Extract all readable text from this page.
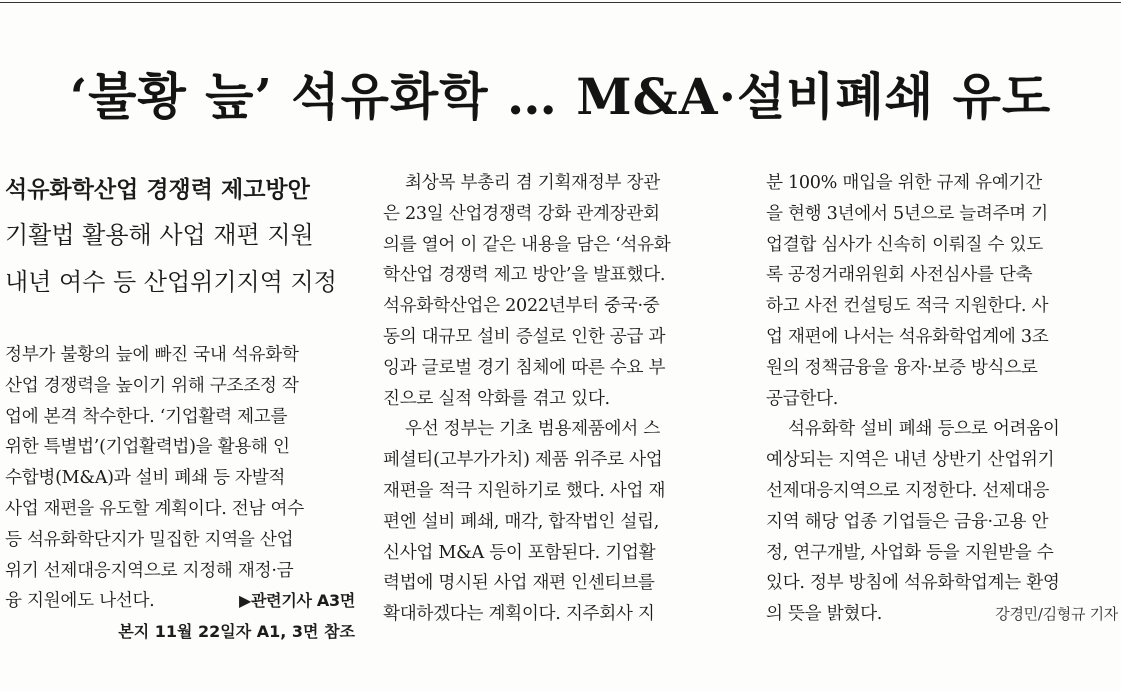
‘불황 늪’ 석유화학 … M&A·설비폐쇄 유도
석유화학산업 경쟁력 제고방안
기활법 활용해 사업 재편 지원
내년 여수 등 산업위기지역 지정
정부가 불황의 늪에 빠진 국내 석유화학
산업 경쟁력을 높이기 위해 구조조정 작
업에 본격 착수한다. ‘기업활력 제고를
위한 특별법’(기업활력법)을 활용해 인
수합병(M&A)과 설비 폐쇄 등 자발적
사업 재편을 유도할 계획이다. 전남 여수
등 석유화학단지가 밀집한 지역을 산업
위기 선제대응지역으로 지정해 재정·금
융 지원에도 나선다.	▶관련기사 A3면
본지 11월 22일자 A1, 3면 참조
최상목 부총리 겸 기획재정부 장관
은 23일 산업경쟁력 강화 관계장관회
의를 열어 이 같은 내용을 담은 ‘석유화
학산업 경쟁력 제고 방안’을 발표했다.
석유화학산업은 2022년부터 중국·중
동의 대규모 설비 증설로 인한 공급 과
잉과 글로벌 경기 침체에 따른 수요 부
진으로 실적 악화를 겪고 있다.
우선 정부는 기초 범용제품에서 스
페셜티(고부가가치) 제품 위주로 사업
재편을 적극 지원하기로 했다. 사업 재
편엔 설비 폐쇄, 매각, 합작법인 설립,
신사업 M&A 등이 포함된다. 기업활
력법에 명시된 사업 재편 인센티브를
확대하겠다는 계획이다. 지주회사 지
분 100% 매입을 위한 규제 유예기간
을 현행 3년에서 5년으로 늘려주며 기
업결합 심사가 신속히 이뤄질 수 있도
록 공정거래위원회 사전심사를 단축
하고 사전 컨설팅도 적극 지원한다. 사
업 재편에 나서는 석유화학업계에 3조
원의 정책금융을 융자·보증 방식으로
공급한다.
석유화학 설비 폐쇄 등으로 어려움이
예상되는 지역은 내년 상반기 산업위기
선제대응지역으로 지정한다. 선제대응
지역 해당 업종 기업들은 금융·고용 안
정, 연구개발, 사업화 등을 지원받을 수
있다. 정부 방침에 석유화학업계는 환영
의 뜻을 밝혔다.	강경민/김형규 기자
